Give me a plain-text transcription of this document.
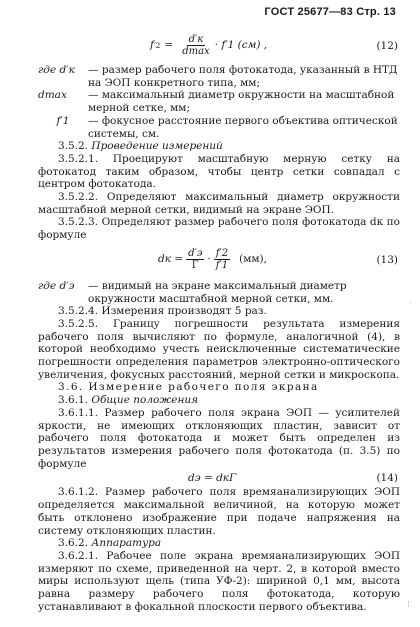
ГОСТ 25677—83 Стр. 13
f ′ $2 = \frac{d'к}{dmax} \cdot f'1$ (см) ,	(12)
где d′к	— размер рабочего поля фотокатода, указанный в НТД на ЭОП конкретного типа, мм;
dmax	— максимальный диаметр окружности на масштабной мерной сетке, мм;
f′1	— фокусное расстояние первого объектива оптической системы, см.

3.5.2. Проведение измерений

3.5.2.1. Проецируют масштабную мерную сетку на фотокатод таким образом, чтобы центр сетки совпадал с центром фотокатода.

3.5.2.2. Определяют максимальный диаметр окружности масштабной мерной сетки, видимый на экране ЭОП.

3.5.2.3. Определяют размер рабочего поля фотокатода dк по формуле

dк = $\frac{d'э}{\Gamma} \cdot \frac{f'2}{f'1} (мм)$,	(13)
где d′э	— видимый на экране максимальный диаметр окружности масштабной мерной сетки, мм.

3.5.2.4. Измерения производят 5 раз.

3.5.2.5. Границу погрешности результата измерения рабочего поля вычисляют по формуле, аналогичной (4), в которой необходимо учесть неисключенные систематические погрешности определения параметров электронно-оптического увеличения, фокусных расстояний, мерной сетки и микроскопа.

3.6. Измерение рабочего поля экрана

3.6.1. Общие положения

3.6.1.1. Размер рабочего поля экрана ЭОП — усилителей яркости, не имеющих отклоняющих пластин, зависит от рабочего поля фотокатода и может быть определен из результатов измерения рабочего поля фотокатода (п. 3.5) по формуле

dэ = dкΓ	(14)

3.6.1.2. Размер рабочего поля времяанализирующих ЭОП определяется максимальной величиной, на которую может быть отклонено изображение при подаче напряжения на систему отклоняющих пластин.

3.6.2. Аппаратура

3.6.2.1. Рабочее поле экрана времяанализирующих ЭОП измеряют по схеме, приведенной на черт. 2, в которой вместо миры используют щель (типа УФ-2): шириной 0,1 мм, высота равна размеру рабочего поля фотокатода, которую устанавливают в фокальной плоскости первого объектива.

·
⋮
